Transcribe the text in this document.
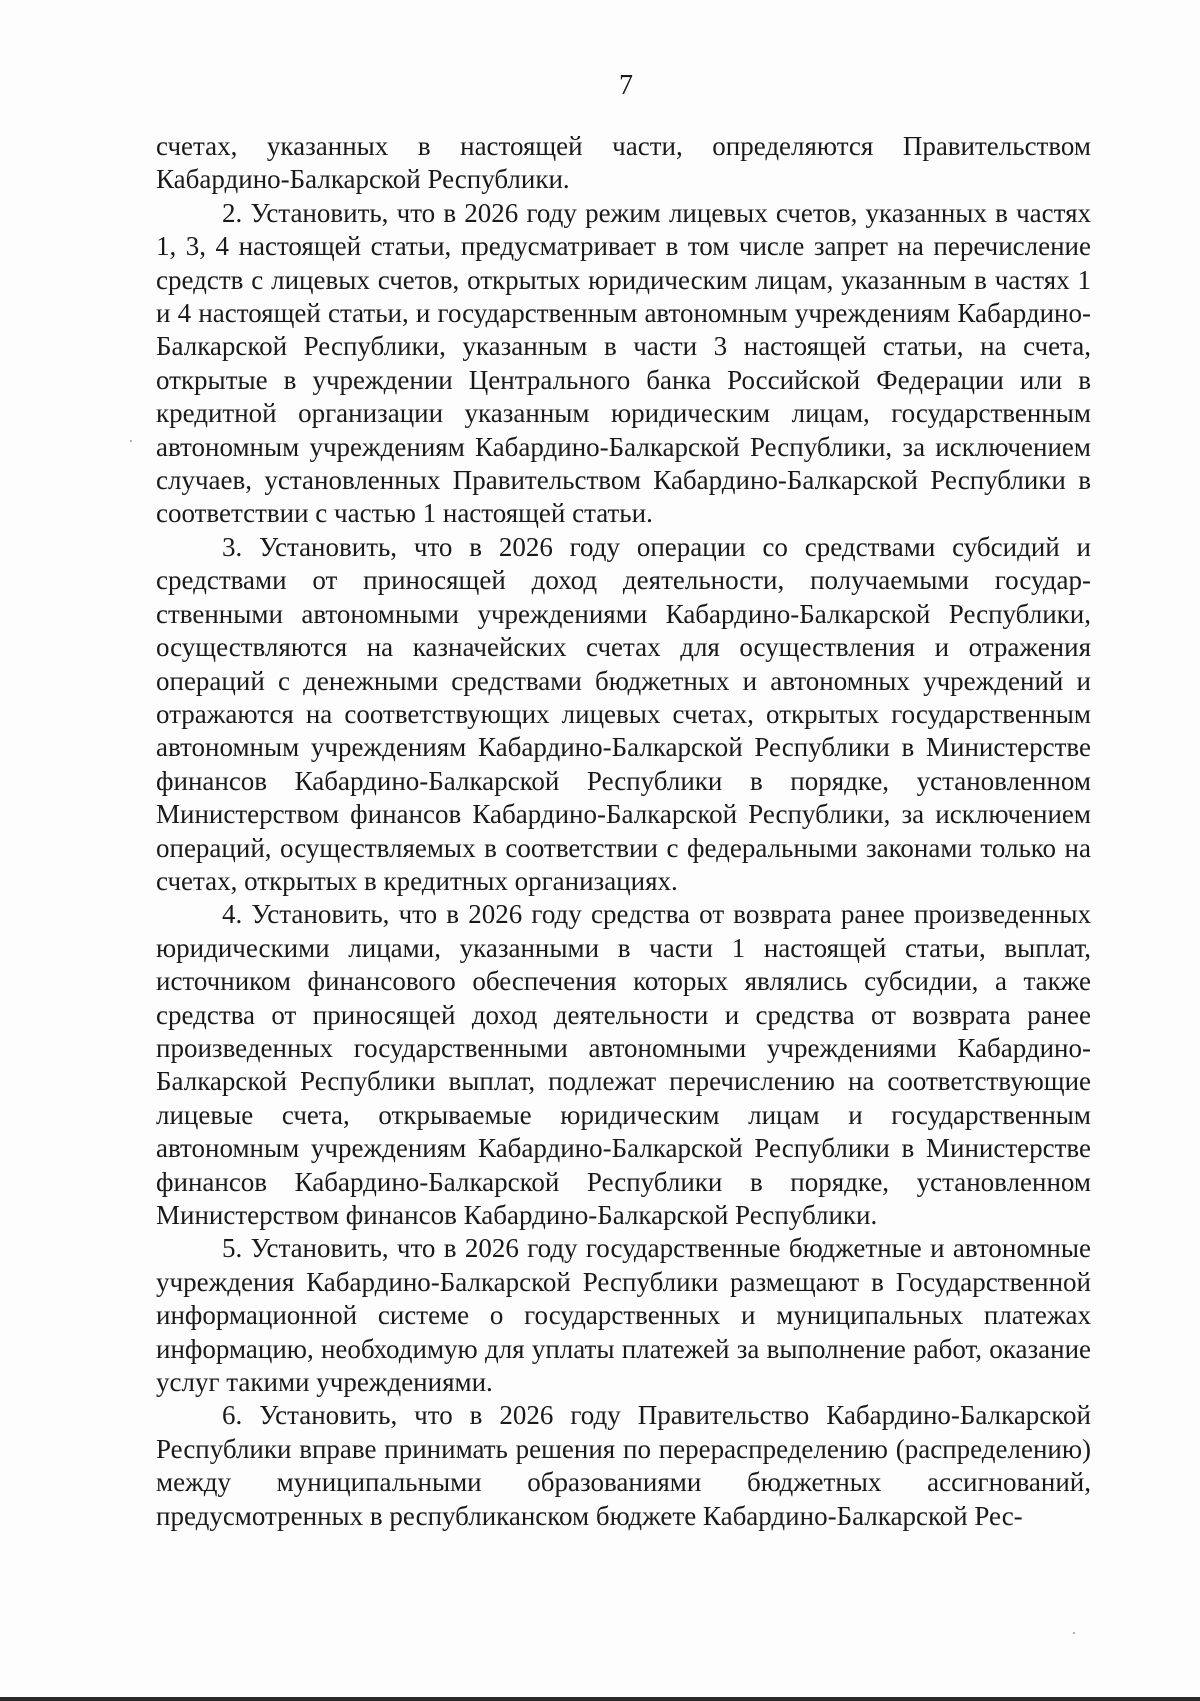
7

счетах, указанных в настоящей части, определяются Правительством Кабардино-Балкарской Республики.

2. Установить, что в 2026 году режим лицевых счетов, указанных в частях 1, 3, 4 настоящей статьи, предусматривает в том числе запрет на перечисление средств с лицевых счетов, открытых юридическим лицам, указанным в частях 1 и 4 настоящей статьи, и государственным автономным учреждениям Кабардино-Балкарской Республики, указанным в части 3 настоящей статьи, на счета, открытые в учреждении Центрального банка Российской Федерации или в кредитной организации указанным юридическим лицам, государственным автономным учреждениям Кабардино-Балкарской Республики, за исключением случаев, установленных Правительством Кабардино-Балкарской Республики в соответствии с частью 1 настоящей статьи.

3. Установить, что в 2026 году операции со средствами субсидий и средствами от приносящей доход деятельности, получаемыми государственными автономными учреждениями Кабардино-Балкарской Республики, осуществляются на казначейских счетах для осуществления и отражения операций с денежными средствами бюджетных и автономных учреждений и отражаются на соответствующих лицевых счетах, открытых государственным автономным учреждениям Кабардино-Балкарской Республики в Министерстве финансов Кабардино-Балкарской Республики в порядке, установленном Министерством финансов Кабардино-Балкарской Республики, за исключением операций, осуществляемых в соответствии с федеральными законами только на счетах, открытых в кредитных организациях.

4. Установить, что в 2026 году средства от возврата ранее произведенных юридическими лицами, указанными в части 1 настоящей статьи, выплат, источником финансового обеспечения которых являлись субсидии, а также средства от приносящей доход деятельности и средства от возврата ранее произведенных государственными автономными учреждениями Кабардино-Балкарской Республики выплат, подлежат перечислению на соответствующие лицевые счета, открываемые юридическим лицам и государственным автономным учреждениям Кабардино-Балкарской Республики в Министерстве финансов Кабардино-Балкарской Республики в порядке, установленном Министерством финансов Кабардино-Балкарской Республики.

5. Установить, что в 2026 году государственные бюджетные и автономные учреждения Кабардино-Балкарской Республики размещают в Государственной информационной системе о государственных и муниципальных платежах информацию, необходимую для уплаты платежей за выполнение работ, оказание услуг такими учреждениями.

6. Установить, что в 2026 году Правительство Кабардино-Балкарской Республики вправе принимать решения по перераспределению (распределению) между муниципальными образованиями бюджетных ассигнований, предусмотренных в республиканском бюджете Кабардино-Балкарской Рес-
